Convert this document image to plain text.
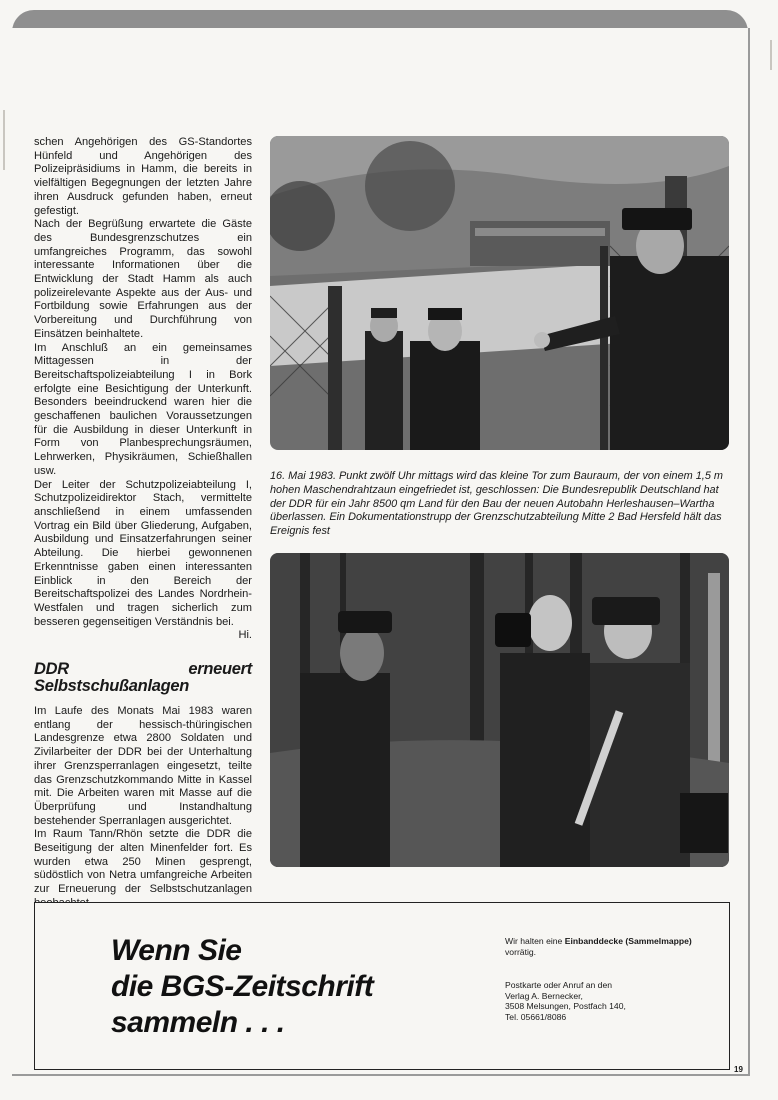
schen Angehörigen des GS-Standortes Hünfeld und Angehörigen des Polizeipräsidiums in Hamm, die bereits in vielfältigen Begegnungen der letzten Jahre ihren Ausdruck gefunden haben, erneut gefestigt.

Nach der Begrüßung erwartete die Gäste des Bundesgrenzschutzes ein umfangreiches Programm, das sowohl interessante Informationen über die Entwicklung der Stadt Hamm als auch polizeirelevante Aspekte aus der Aus- und Fortbildung sowie Erfahrungen aus der Vorbereitung und Durchführung von Einsätzen beinhaltete.

Im Anschluß an ein gemeinsames Mittagessen in der Bereitschaftspolizeiabteilung I in Bork erfolgte eine Besichtigung der Unterkunft. Besonders beeindruckend waren hier die geschaffenen baulichen Voraussetzungen für die Ausbildung in dieser Unterkunft in Form von Planbesprechungsräumen, Lehrwerken, Physikräumen, Schießhallen usw.

Der Leiter der Schutzpolizeiabteilung I, Schutzpolizeidirektor Stach, vermittelte anschließend in einem umfassenden Vortrag ein Bild über Gliederung, Aufgaben, Ausbildung und Einsatzerfahrungen seiner Abteilung. Die hierbei gewonnenen Erkenntnisse gaben einen interessanten Einblick in den Bereich der Bereitschaftspolizei des Landes Nordrhein-Westfalen und tragen sicherlich zum besseren gegenseitigen Verständnis bei.

Hi.

DDR erneuert Selbstschußanlagen

Im Laufe des Monats Mai 1983 waren entlang der hessisch-thüringischen Landesgrenze etwa 2800 Soldaten und Zivilarbeiter der DDR bei der Unterhaltung ihrer Grenzsperranlagen eingesetzt, teilte das Grenzschutzkommando Mitte in Kassel mit. Die Arbeiten waren mit Masse auf die Überprüfung und Instandhaltung bestehender Sperranlagen ausgerichtet.

Im Raum Tann/Rhön setzte die DDR die Beseitigung der alten Minenfelder fort. Es wurden etwa 250 Minen gesprengt, südöstlich von Netra umfangreiche Arbeiten zur Erneuerung der Selbstschutzanlagen

16. Mai 1983. Punkt zwölf Uhr mittags wird das kleine Tor zum Bauraum, der von einem 1,5 m hohen Maschendrahtzaun eingefriedet ist, geschlossen: Die Bundesrepublik Deutschland hat der DDR für ein Jahr 8500 qm Land für den Bau der neuen Autobahn Herleshausen–Wartha überlassen. Ein Dokumentationstrupp der Grenzschutzabteilung Mitte 2 Bad Hersfeld hält das Ereignis fest
Wenn Sie
die BGS-Zeitschrift
sammeln . . .

Wir halten eine Einbanddecke (Sammelmappe) vorrätig.

Postkarte oder Anruf an den

Verlag A. Bernecker,

3508 Melsungen, Postfach 140,

Tel. 05661/8086

19
